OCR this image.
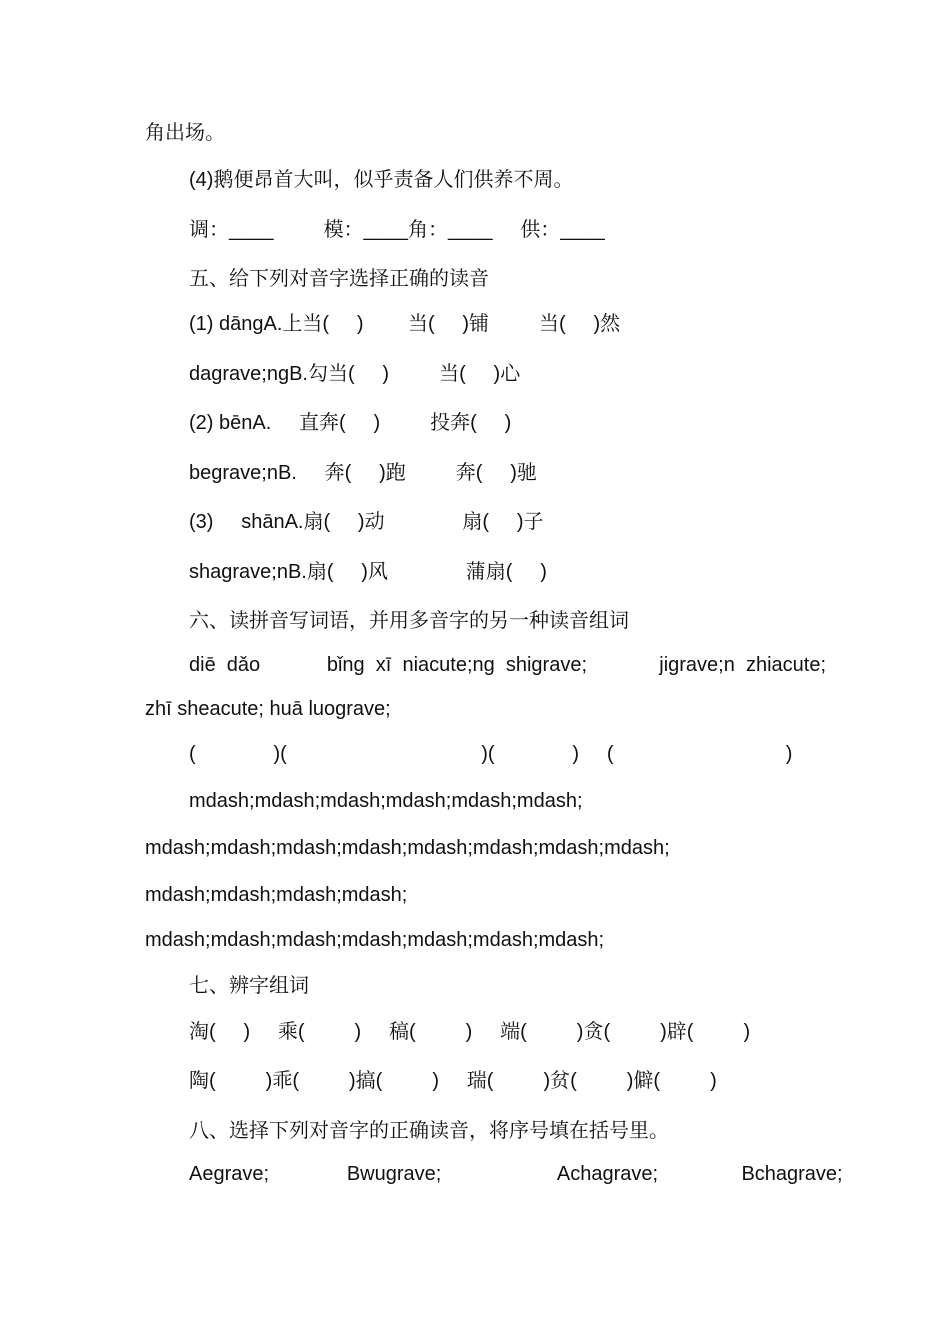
角出场。
(4)鹅便昂首大叫，似乎责备人们供养不周。
调：____         模：____角：____     供：____
五、给下列对音字选择正确的读音
(1) dāngA.上当(     )        当(     )铺         当(     )然
dagrave;ngB.勾当(     )         当(     )心
(2) bēnA.     直奔(     )         投奔(     )
begrave;nB.     奔(     )跑         奔(     )驰
(3)     shānA.扇(     )动              扇(     )子
shagrave;nB.扇(     )风              蒲扇(     )
六、读拼音写词语，并用多音字的另一种读音组词
diē  dǎo            bǐng  xī  niacute;ng  shigrave;             jigrave;n  zhiacute;
zhī sheacute; huā luograve;
(              )(                                   )(              )     (                               )
mdash;mdash;mdash;mdash;mdash;mdash;
mdash;mdash;mdash;mdash;mdash;mdash;mdash;mdash;
mdash;mdash;mdash;mdash;
mdash;mdash;mdash;mdash;mdash;mdash;mdash;
七、辨字组词
淘(     )     乘(         )     稿(         )     端(         )贪(         )辟(         )
陶(         )乖(         )搞(         )     瑞(         )贫(         )僻(         )
八、选择下列对音字的正确读音，将序号填在括号里。
Aegrave;              Bwugrave;                     Achagrave;               Bchagrave;
